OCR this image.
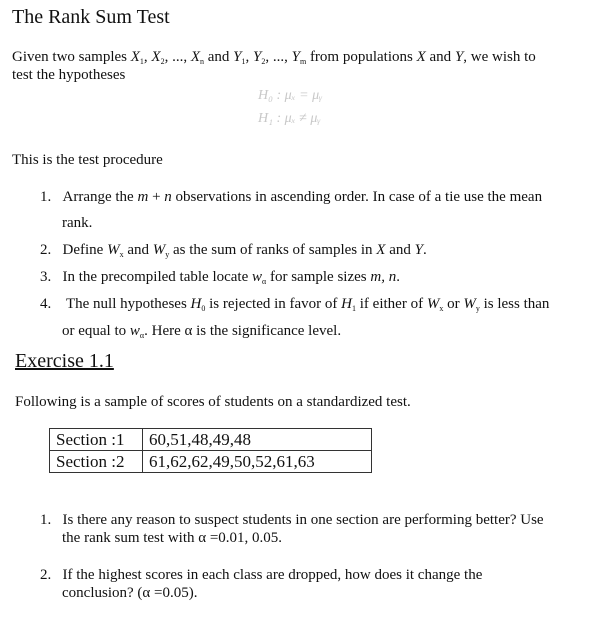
The Rank Sum Test
Given two samples $X_1$, $X_2$, ..., $X_n$ and $Y_1$, $Y_2$, ..., $Y_m$ from populations X and Y, we wish to
test the hypotheses
H₀ : μₓ = μᵧ
H₁ : μₓ ≠ μᵧ
This is the test procedure
1. Arrange the m + n observations in ascending order. In case of a tie use the mean
rank.
2. Define $W_x$ and $W_y$ as the sum of ranks of samples in X and Y.
3. In the precompiled table locate $w_\alpha$ for sample sizes m, n.
4.    The null hypotheses $H_0$ is rejected in favor of $H_1$ if either of $W_x$ or $W_y$ is less than
or equal to $w_\alpha$. Here α is the significance level.
Exercise 1.1
Following is a sample of scores of students on a standardized test.
Section :1	60,51,48,49,48
Section :2	61,62,62,49,50,52,61,63
1. Is there any reason to suspect students in one section are performing better? Use
the rank sum test with α =0.01, 0.05.
2. If the highest scores in each class are dropped, how does it change the
conclusion? (α =0.05).
